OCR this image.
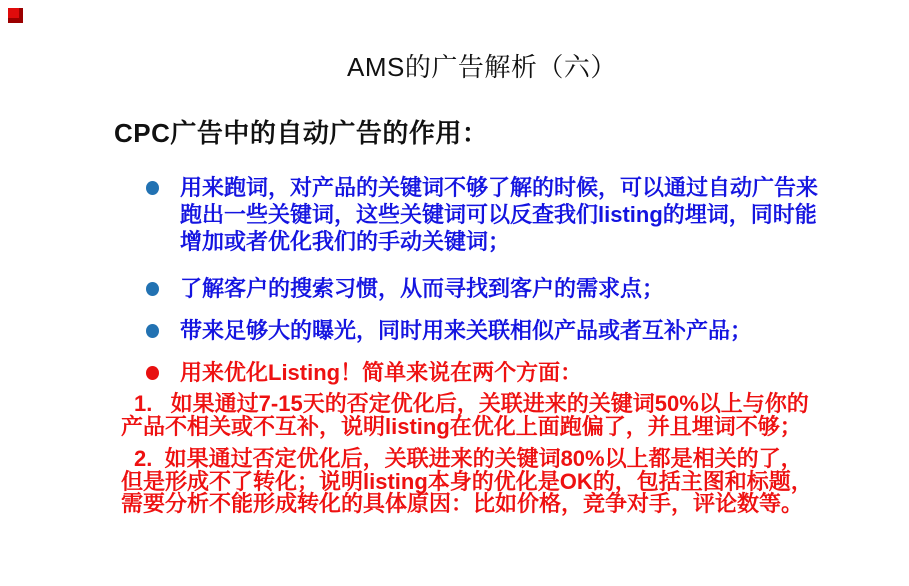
AMS的广告解析（六）
CPC广告中的自动广告的作用：
用来跑词，对产品的关键词不够了解的时候，可以通过自动广告来
跑出一些关键词，这些关键词可以反查我们listing的埋词，同时能
增加或者优化我们的手动关键词；
了解客户的搜索习惯，从而寻找到客户的需求点；
带来足够大的曝光，同时用来关联相似产品或者互补产品；
用来优化Listing！简单来说在两个方面：
1.   如果通过7-15天的否定优化后，关联进来的关键词50%以上与你的
产品不相关或不互补，说明listing在优化上面跑偏了，并且埋词不够；
2.  如果通过否定优化后，关联进来的关键词80%以上都是相关的了，
但是形成不了转化；说明listing本身的优化是OK的，包括主图和标题，
需要分析不能形成转化的具体原因：比如价格，竞争对手，评论数等。
